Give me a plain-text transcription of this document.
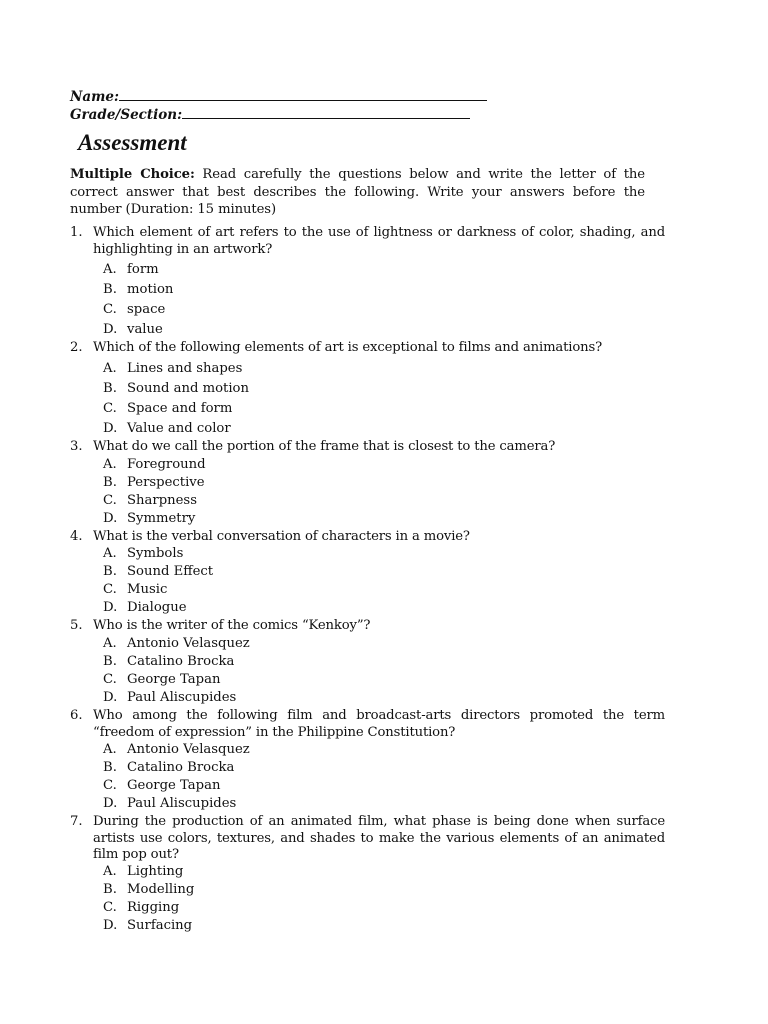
Name:
Grade/Section:
Assessment
Multiple Choice: Read carefully the questions below and write the letter of the correct answer that best describes the following. Write your answers before the number (Duration: 15 minutes)
1. Which element of art refers to the use of lightness or darkness of color, shading, and highlighting in an artwork?
A. form
B. motion
C. space
D. value
2. Which of the following elements of art is exceptional to films and animations?
A. Lines and shapes
B. Sound and motion
C. Space and form
D. Value and color
3. What do we call the portion of the frame that is closest to the camera?
A. Foreground
B. Perspective
C. Sharpness
D. Symmetry
4. What is the verbal conversation of characters in a movie?
A. Symbols
B. Sound Effect
C. Music
D. Dialogue
5. Who is the writer of the comics “Kenkoy”?
A. Antonio Velasquez
B. Catalino Brocka
C. George Tapan
D. Paul Aliscupides
6. Who among the following film and broadcast-arts directors promoted the term “freedom of expression” in the Philippine Constitution?
A. Antonio Velasquez
B. Catalino Brocka
C. George Tapan
D. Paul Aliscupides
7. During the production of an animated film, what phase is being done when surface artists use colors, textures, and shades to make the various elements of an animated film pop out?
A. Lighting
B. Modelling
C. Rigging
D. Surfacing
